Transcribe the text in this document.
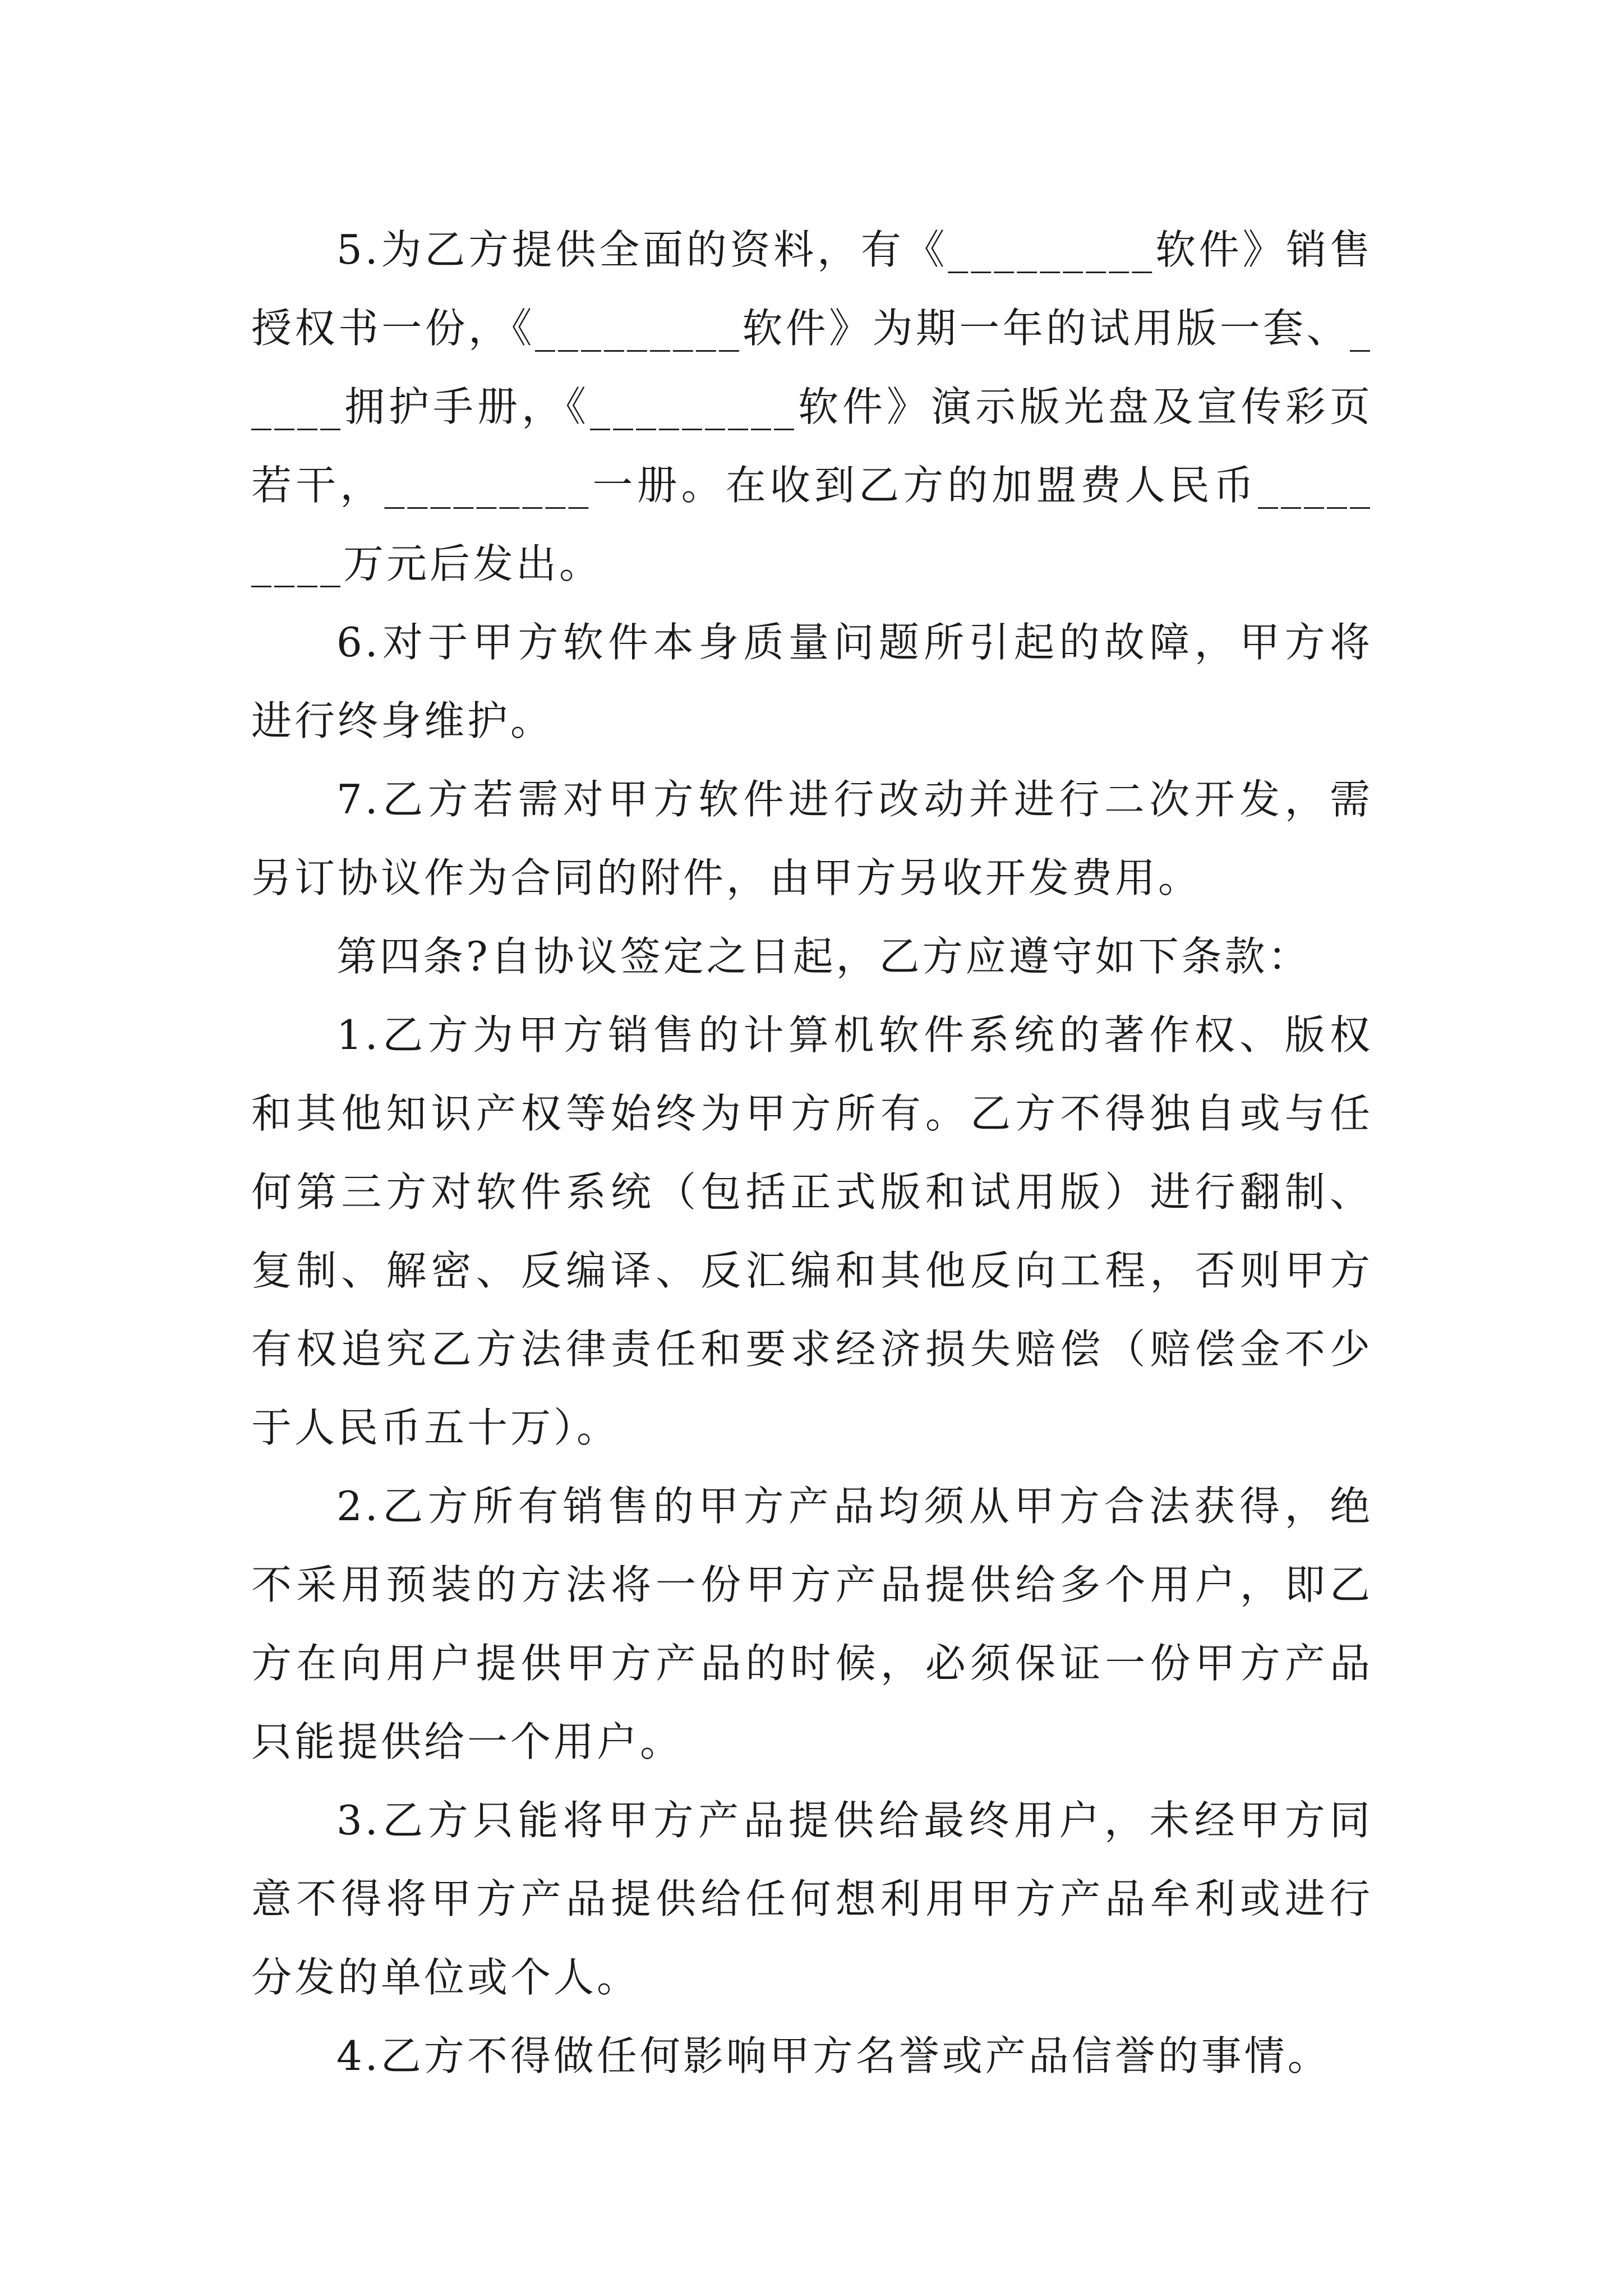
5.为乙方提供全面的资料，有《_________软件》销售授权书一份，《_________软件》为期一年的试用版一套、_____拥护手册，《_________软件》演示版光盘及宣传彩页若干，_________一册。在收到乙方的加盟费人民币_________万元后发出。

6.对于甲方软件本身质量问题所引起的故障，甲方将进行终身维护。

7.乙方若需对甲方软件进行改动并进行二次开发，需另订协议作为合同的附件，由甲方另收开发费用。

第四条?自协议签定之日起，乙方应遵守如下条款：

1.乙方为甲方销售的计算机软件系统的著作权、版权和其他知识产权等始终为甲方所有。乙方不得独自或与任何第三方对软件系统（包括正式版和试用版）进行翻制、复制、解密、反编译、反汇编和其他反向工程，否则甲方有权追究乙方法律责任和要求经济损失赔偿（赔偿金不少于人民币五十万）。

2.乙方所有销售的甲方产品均须从甲方合法获得，绝不采用预装的方法将一份甲方产品提供给多个用户，即乙方在向用户提供甲方产品的时候，必须保证一份甲方产品只能提供给一个用户。

3.乙方只能将甲方产品提供给最终用户，未经甲方同意不得将甲方产品提供给任何想利用甲方产品牟利或进行分发的单位或个人。

4.乙方不得做任何影响甲方名誉或产品信誉的事情。
